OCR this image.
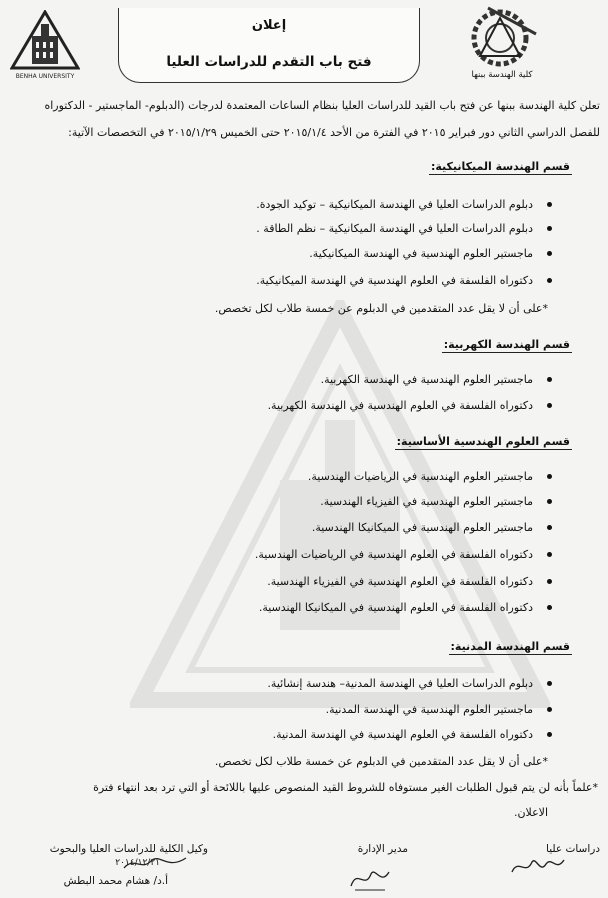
BENHA UNIVERSITY
إعلان
فتح باب التقدم للدراسات العليا
كلية الهندسة ببنها
تعلن كلية الهندسة ببنها عن فتح باب القيد للدراسات العليا بنظام الساعات المعتمدة لدرجات (الدبلوم- الماجستير - الدكتوراه
للفصل الدراسي الثاني دور فبراير ٢٠١٥ في الفترة من الأحد ٢٠١٥/١/٤ حتى الخميس ٢٠١٥/١/٢٩ في التخصصات الآتية:
قسم الهندسة الميكانيكية:
دبلوم الدراسات العليا في الهندسة الميكانيكية – توكيد الجودة.
دبلوم الدراسات العليا في الهندسة الميكانيكية – نظم الطاقة .
ماجستير العلوم الهندسية في الهندسة الميكانيكية.
دكتوراه الفلسفة في العلوم الهندسية في الهندسة الميكانيكية.
*على أن لا يقل عدد المتقدمين في الدبلوم عن خمسة طلاب لكل تخصص.
قسم الهندسة الكهربية:
ماجستير العلوم الهندسية في الهندسة الكهربية.
دكتوراه الفلسفة في العلوم الهندسية في الهندسة الكهربية.
قسم العلوم الهندسية الأساسية:
ماجستير العلوم الهندسية في الرياضيات الهندسية.
ماجستير العلوم الهندسية في الفيزياء الهندسية.
ماجستير العلوم الهندسية في الميكانيكا الهندسية.
دكتوراه الفلسفة في العلوم الهندسية في الرياضيات الهندسية.
دكتوراه الفلسفة في العلوم الهندسية في الفيزياء الهندسية.
دكتوراه الفلسفة في العلوم الهندسية في الميكانيكا الهندسية.
قسم الهندسة المدنية:
دبلوم الدراسات العليا في الهندسة المدنية– هندسة إنشائية.
ماجستير العلوم الهندسية في الهندسة المدنية.
دكتوراه الفلسفة في العلوم الهندسية في الهندسة المدنية.
*على أن لا يقل عدد المتقدمين في الدبلوم عن خمسة طلاب لكل تخصص.
*علماً بأنه لن يتم قبول الطلبات الغير مستوفاه للشروط القيد المنصوص عليها باللائحة أو التي ترد بعد انتهاء فترة
الاعلان.
دراسات عليا
مدير الإدارة
وكيل الكلية للدراسات العليا والبحوث
٢٠١٤/١٢/٢١
أ.د/ هشام محمد البطش
